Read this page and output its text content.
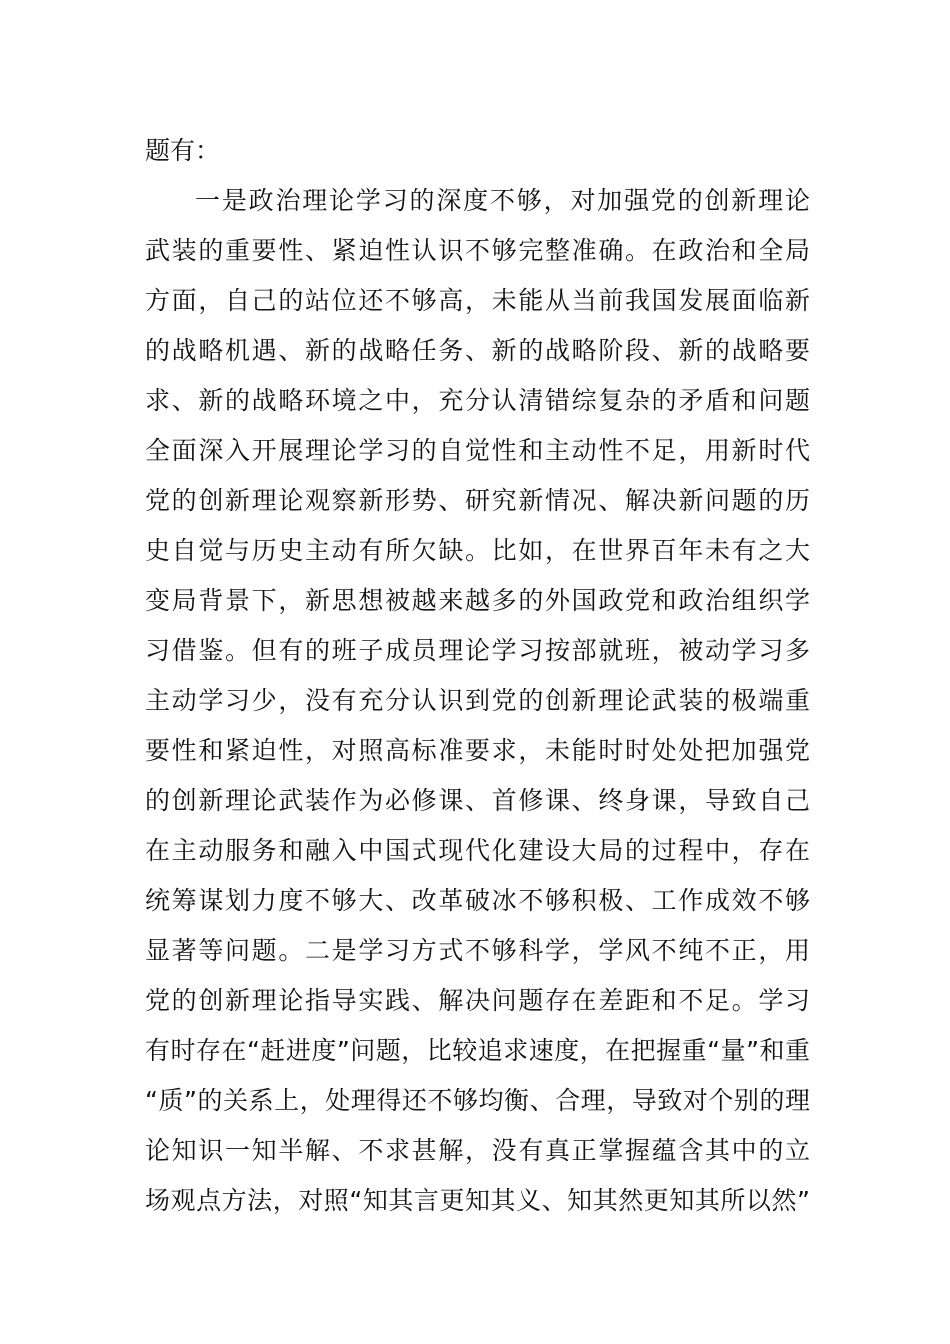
题有：
一是政治理论学习的深度不够，对加强党的创新理论
武装的重要性、紧迫性认识不够完整准确。在政治和全局
方面，自己的站位还不够高，未能从当前我国发展面临新
的战略机遇、新的战略任务、新的战略阶段、新的战略要
求、新的战略环境之中，充分认清错综复杂的矛盾和问题
全面深入开展理论学习的自觉性和主动性不足，用新时代
党的创新理论观察新形势、研究新情况、解决新问题的历
史自觉与历史主动有所欠缺。比如，在世界百年未有之大
变局背景下，新思想被越来越多的外国政党和政治组织学
习借鉴。但有的班子成员理论学习按部就班，被动学习多
主动学习少，没有充分认识到党的创新理论武装的极端重
要性和紧迫性，对照高标准要求，未能时时处处把加强党
的创新理论武装作为必修课、首修课、终身课，导致自己
在主动服务和融入中国式现代化建设大局的过程中，存在
统筹谋划力度不够大、改革破冰不够积极、工作成效不够
显著等问题。二是学习方式不够科学，学风不纯不正，用
党的创新理论指导实践、解决问题存在差距和不足。学习
有时存在“赶进度”问题，比较追求速度，在把握重“量”和重
“质”的关系上，处理得还不够均衡、合理，导致对个别的理
论知识一知半解、不求甚解，没有真正掌握蕴含其中的立
场观点方法，对照“知其言更知其义、知其然更知其所以然”
